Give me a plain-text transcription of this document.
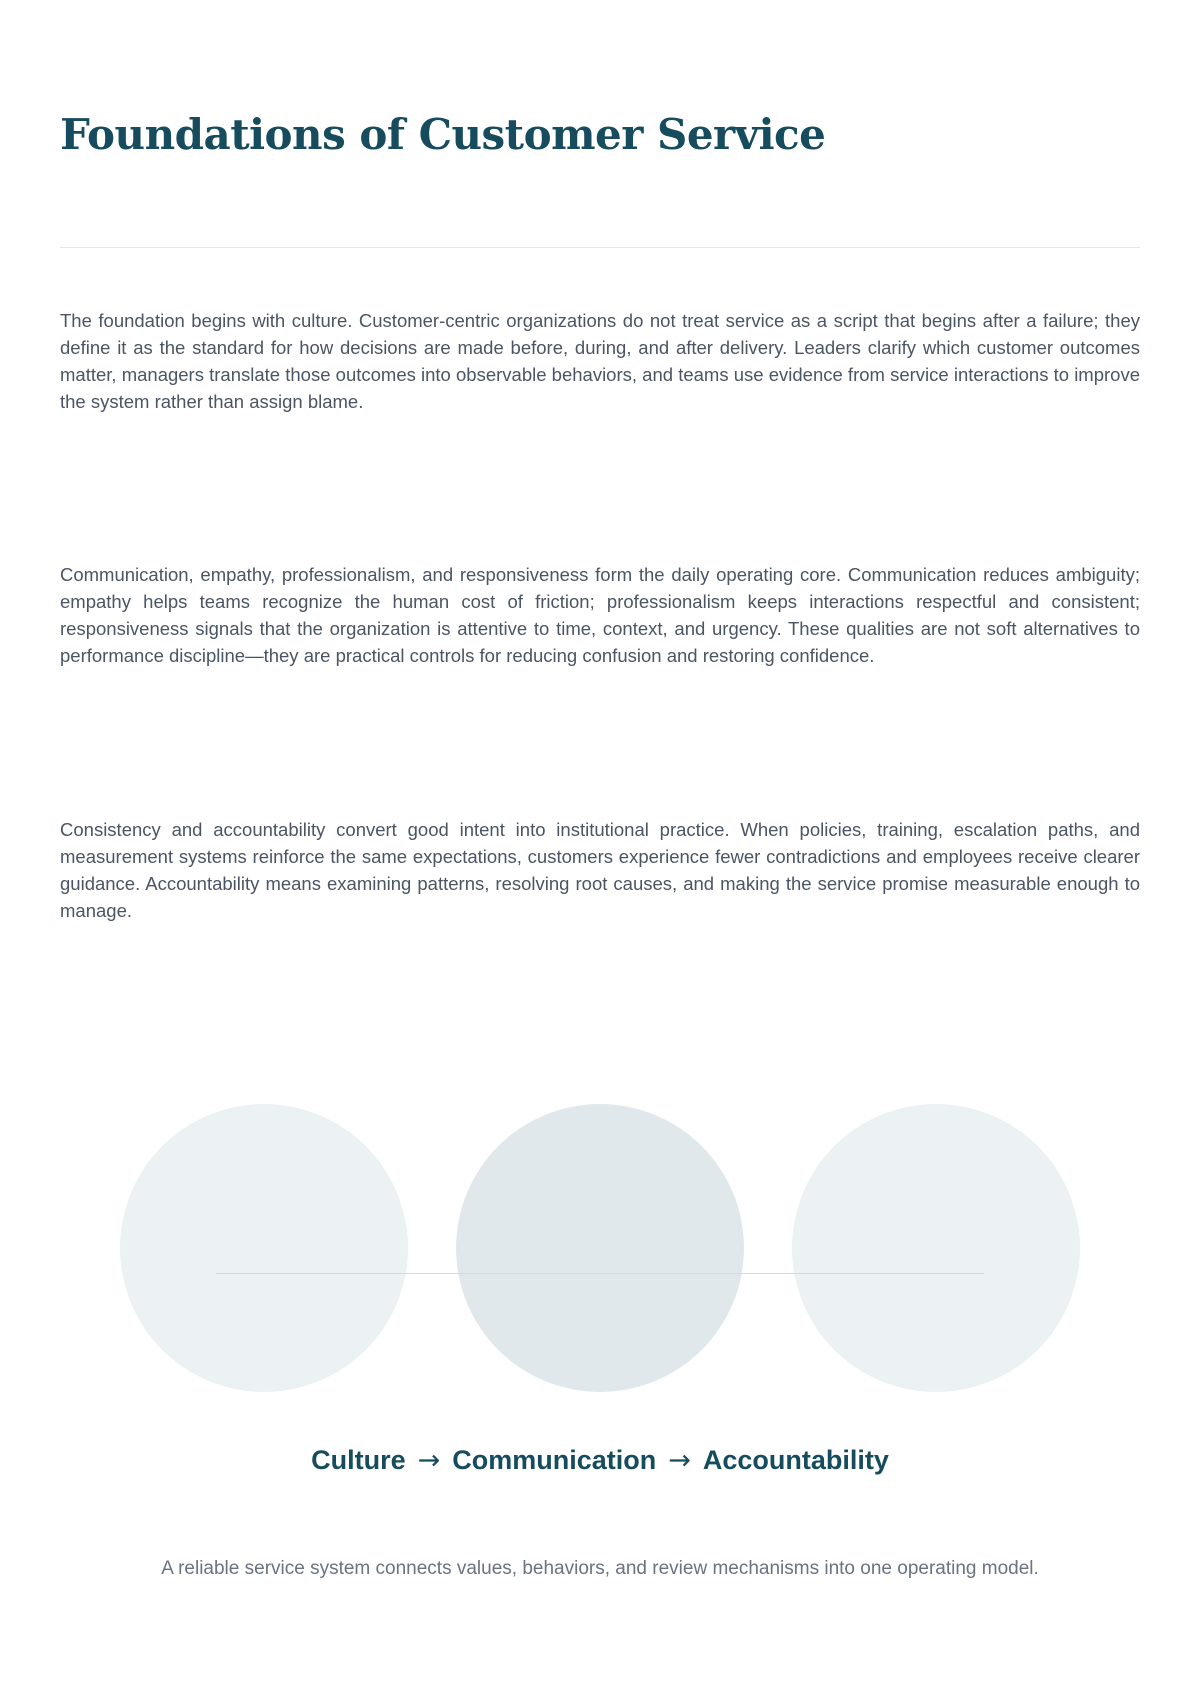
Foundations of Customer Service

The foundation begins with culture. Customer-centric organizations do not treat service as a script that begins after a failure; they define it as the standard for how decisions are made before, during, and after delivery. Leaders clarify which customer outcomes matter, managers translate those outcomes into observable behaviors, and teams use evidence from service interactions to improve the system rather than assign blame.

Communication, empathy, professionalism, and responsiveness form the daily operating core. Communication reduces ambiguity; empathy helps teams recognize the human cost of friction; professionalism keeps interactions respectful and consistent; responsiveness signals that the organization is attentive to time, context, and urgency. These qualities are not soft alternatives to performance discipline—they are practical controls for reducing confusion and restoring confidence.

Consistency and accountability convert good intent into institutional practice. When policies, training, escalation paths, and measurement systems reinforce the same expectations, customers experience fewer contradictions and employees receive clearer guidance. Accountability means examining patterns, resolving root causes, and making the service promise measurable enough to manage.

Culture → Communication → Accountability

A reliable service system connects values, behaviors, and review mechanisms into one operating model.
